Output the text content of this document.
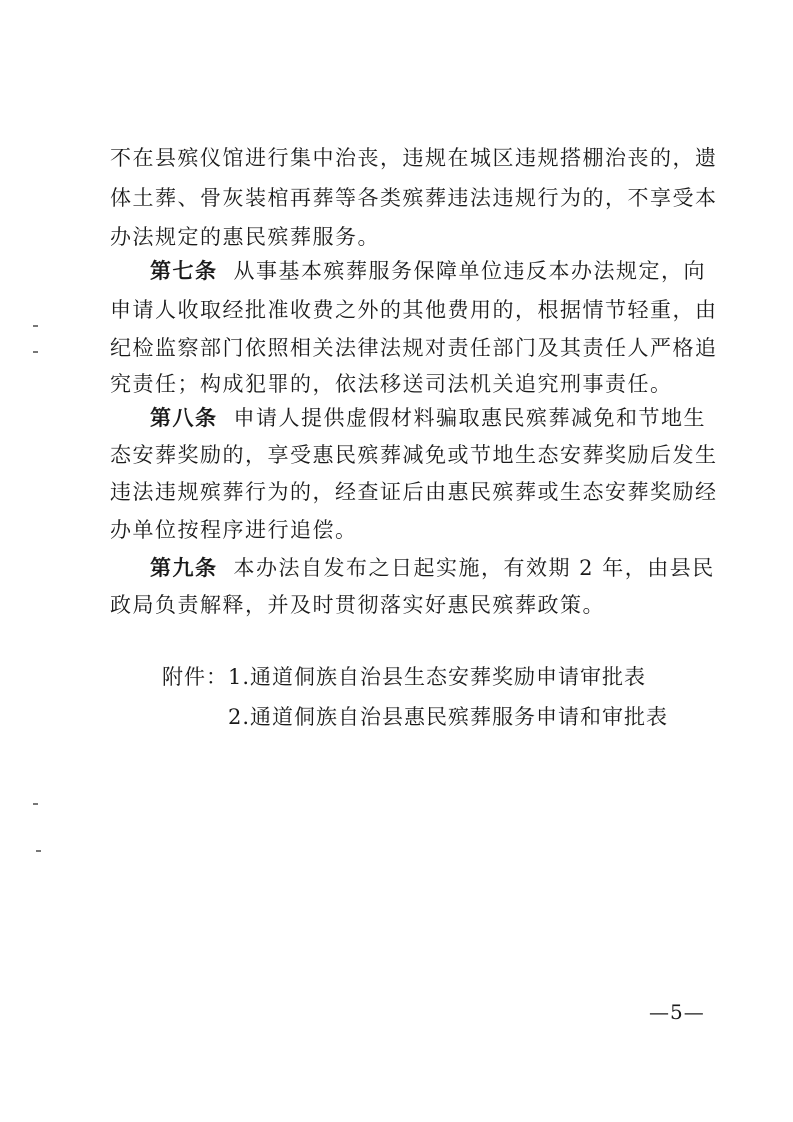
不在县殡仪馆进行集中治丧，违规在城区违规搭棚治丧的，遗
体土葬、骨灰装棺再葬等各类殡葬违法违规行为的，不享受本
办法规定的惠民殡葬服务。
第七条 从事基本殡葬服务保障单位违反本办法规定，向
申请人收取经批准收费之外的其他费用的，根据情节轻重，由
纪检监察部门依照相关法律法规对责任部门及其责任人严格追
究责任；构成犯罪的，依法移送司法机关追究刑事责任。
第八条 申请人提供虚假材料骗取惠民殡葬减免和节地生
态安葬奖励的，享受惠民殡葬减免或节地生态安葬奖励后发生
违法违规殡葬行为的，经查证后由惠民殡葬或生态安葬奖励经
办单位按程序进行追偿。
第九条 本办法自发布之日起实施，有效期 2 年，由县民
政局负责解释，并及时贯彻落实好惠民殡葬政策。
附件：1.通道侗族自治县生态安葬奖励申请审批表
2.通道侗族自治县惠民殡葬服务申请和审批表
—5—
